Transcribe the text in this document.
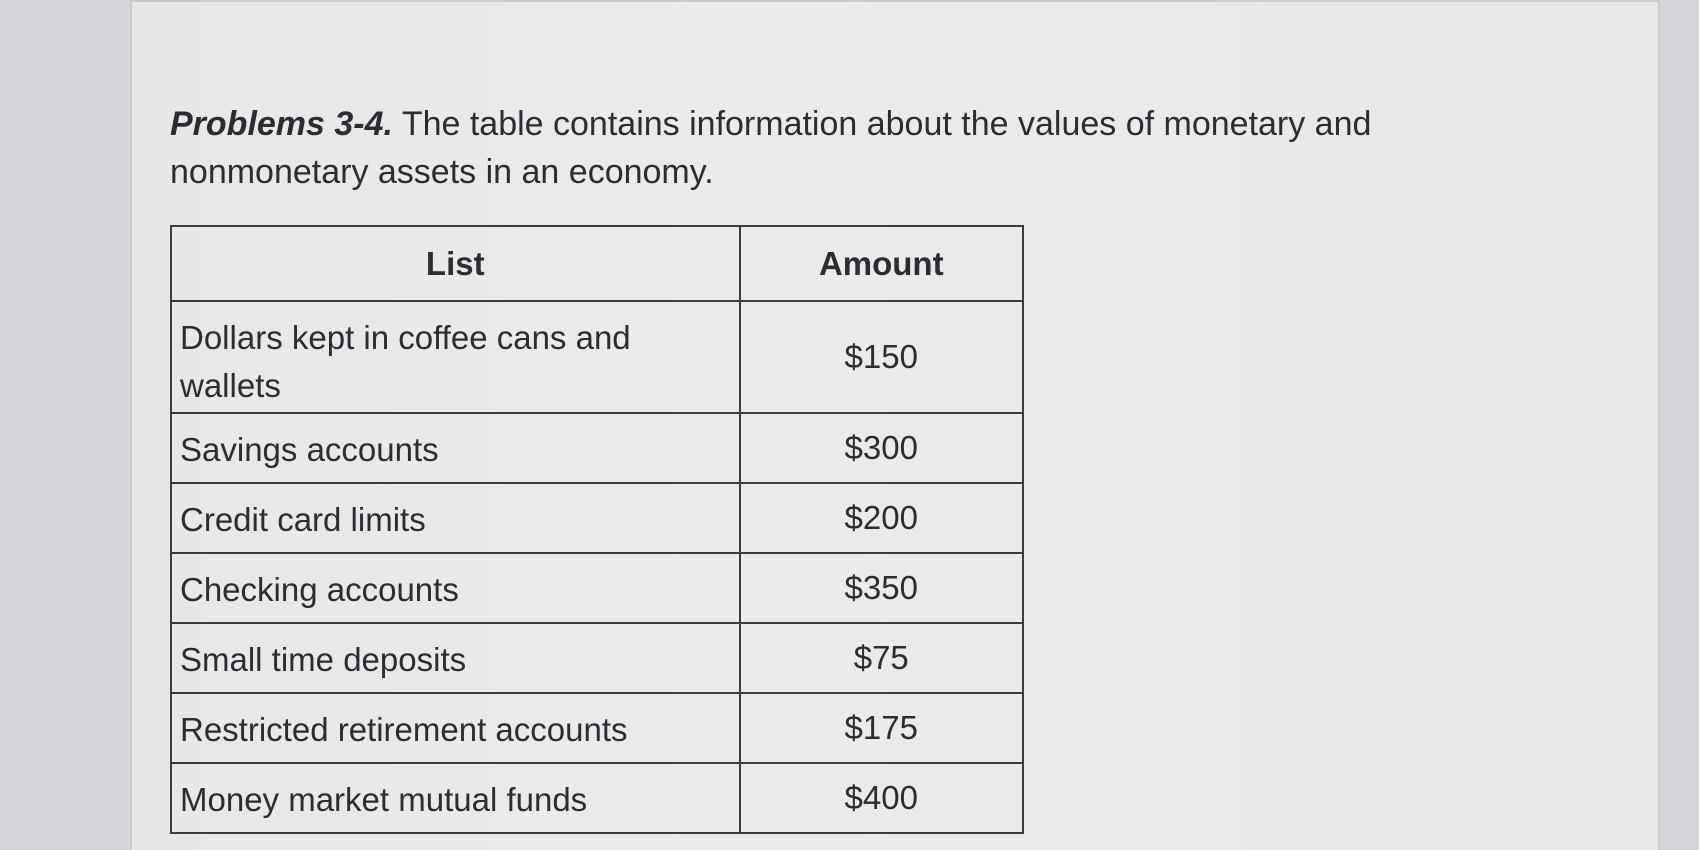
Problems 3-4. The table contains information about the values of monetary and nonmonetary assets in an economy.

List	Amount
Dollars kept in coffee cans and wallets	$150
Savings accounts	$300
Credit card limits	$200
Checking accounts	$350
Small time deposits	$75
Restricted retirement accounts	$175
Money market mutual funds	$400
